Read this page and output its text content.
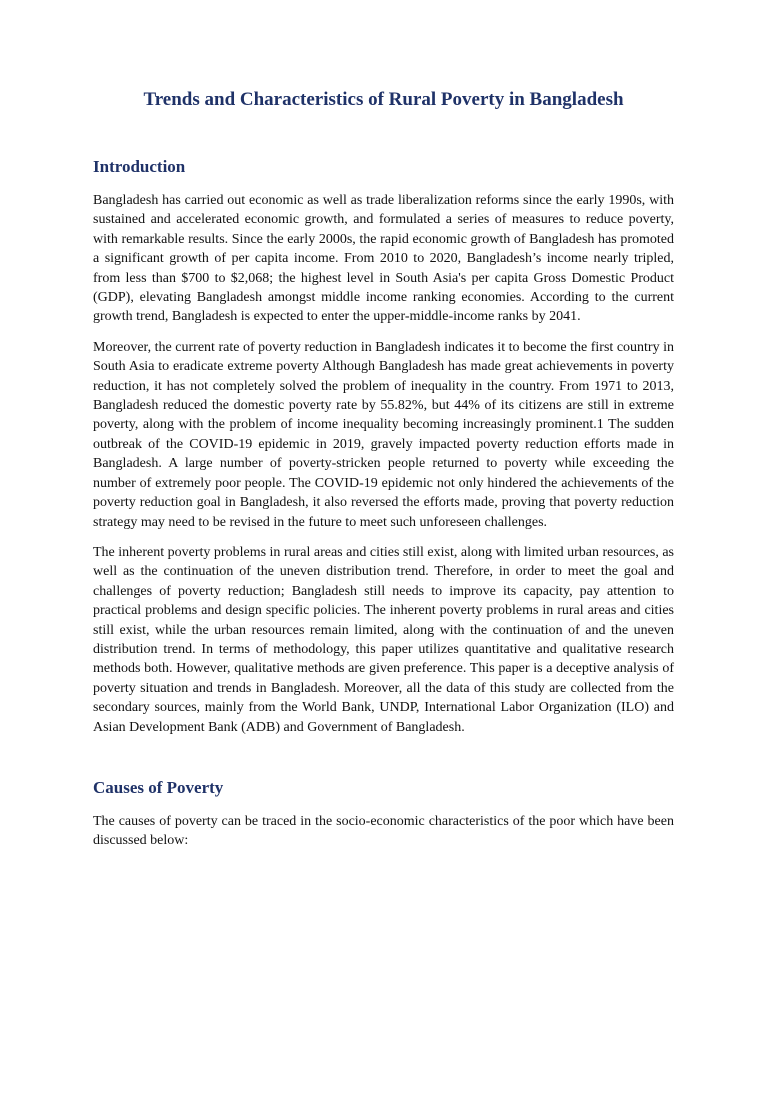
Trends and Characteristics of Rural Poverty in Bangladesh
Introduction

Bangladesh has carried out economic as well as trade liberalization reforms since the early 1990s, with sustained and accelerated economic growth, and formulated a series of measures to reduce poverty, with remarkable results. Since the early 2000s, the rapid economic growth of Bangladesh has promoted a significant growth of per capita income. From 2010 to 2020, Bangladesh’s income nearly tripled, from less than $700 to $2,068; the highest level in South Asia's per capita Gross Domestic Product (GDP), elevating Bangladesh amongst middle income ranking economies. According to the current growth trend, Bangladesh is expected to enter the upper-middle-income ranks by 2041.

Moreover, the current rate of poverty reduction in Bangladesh indicates it to become the first country in South Asia to eradicate extreme poverty Although Bangladesh has made great achievements in poverty reduction, it has not completely solved the problem of inequality in the country. From 1971 to 2013, Bangladesh reduced the domestic poverty rate by 55.82%, but 44% of its citizens are still in extreme poverty, along with the problem of income inequality becoming increasingly prominent.1 The sudden outbreak of the COVID-19 epidemic in 2019, gravely impacted poverty reduction efforts made in Bangladesh. A large number of poverty-stricken people returned to poverty while exceeding the number of extremely poor people. The COVID-19 epidemic not only hindered the achievements of the poverty reduction goal in Bangladesh, it also reversed the efforts made, proving that poverty reduction strategy may need to be revised in the future to meet such unforeseen challenges.

The inherent poverty problems in rural areas and cities still exist, along with limited urban resources, as well as the continuation of the uneven distribution trend. Therefore, in order to meet the goal and challenges of poverty reduction; Bangladesh still needs to improve its capacity, pay attention to practical problems and design specific policies. The inherent poverty problems in rural areas and cities still exist, while the urban resources remain limited, along with the continuation of and the uneven distribution trend. In terms of methodology, this paper utilizes quantitative and qualitative research methods both. However, qualitative methods are given preference. This paper is a deceptive analysis of poverty situation and trends in Bangladesh. Moreover, all the data of this study are collected from the secondary sources, mainly from the World Bank, UNDP, International Labor Organization (ILO) and Asian Development Bank (ADB) and Government of Bangladesh.

Causes of Poverty

The causes of poverty can be traced in the socio-economic characteristics of the poor which have been discussed below:
